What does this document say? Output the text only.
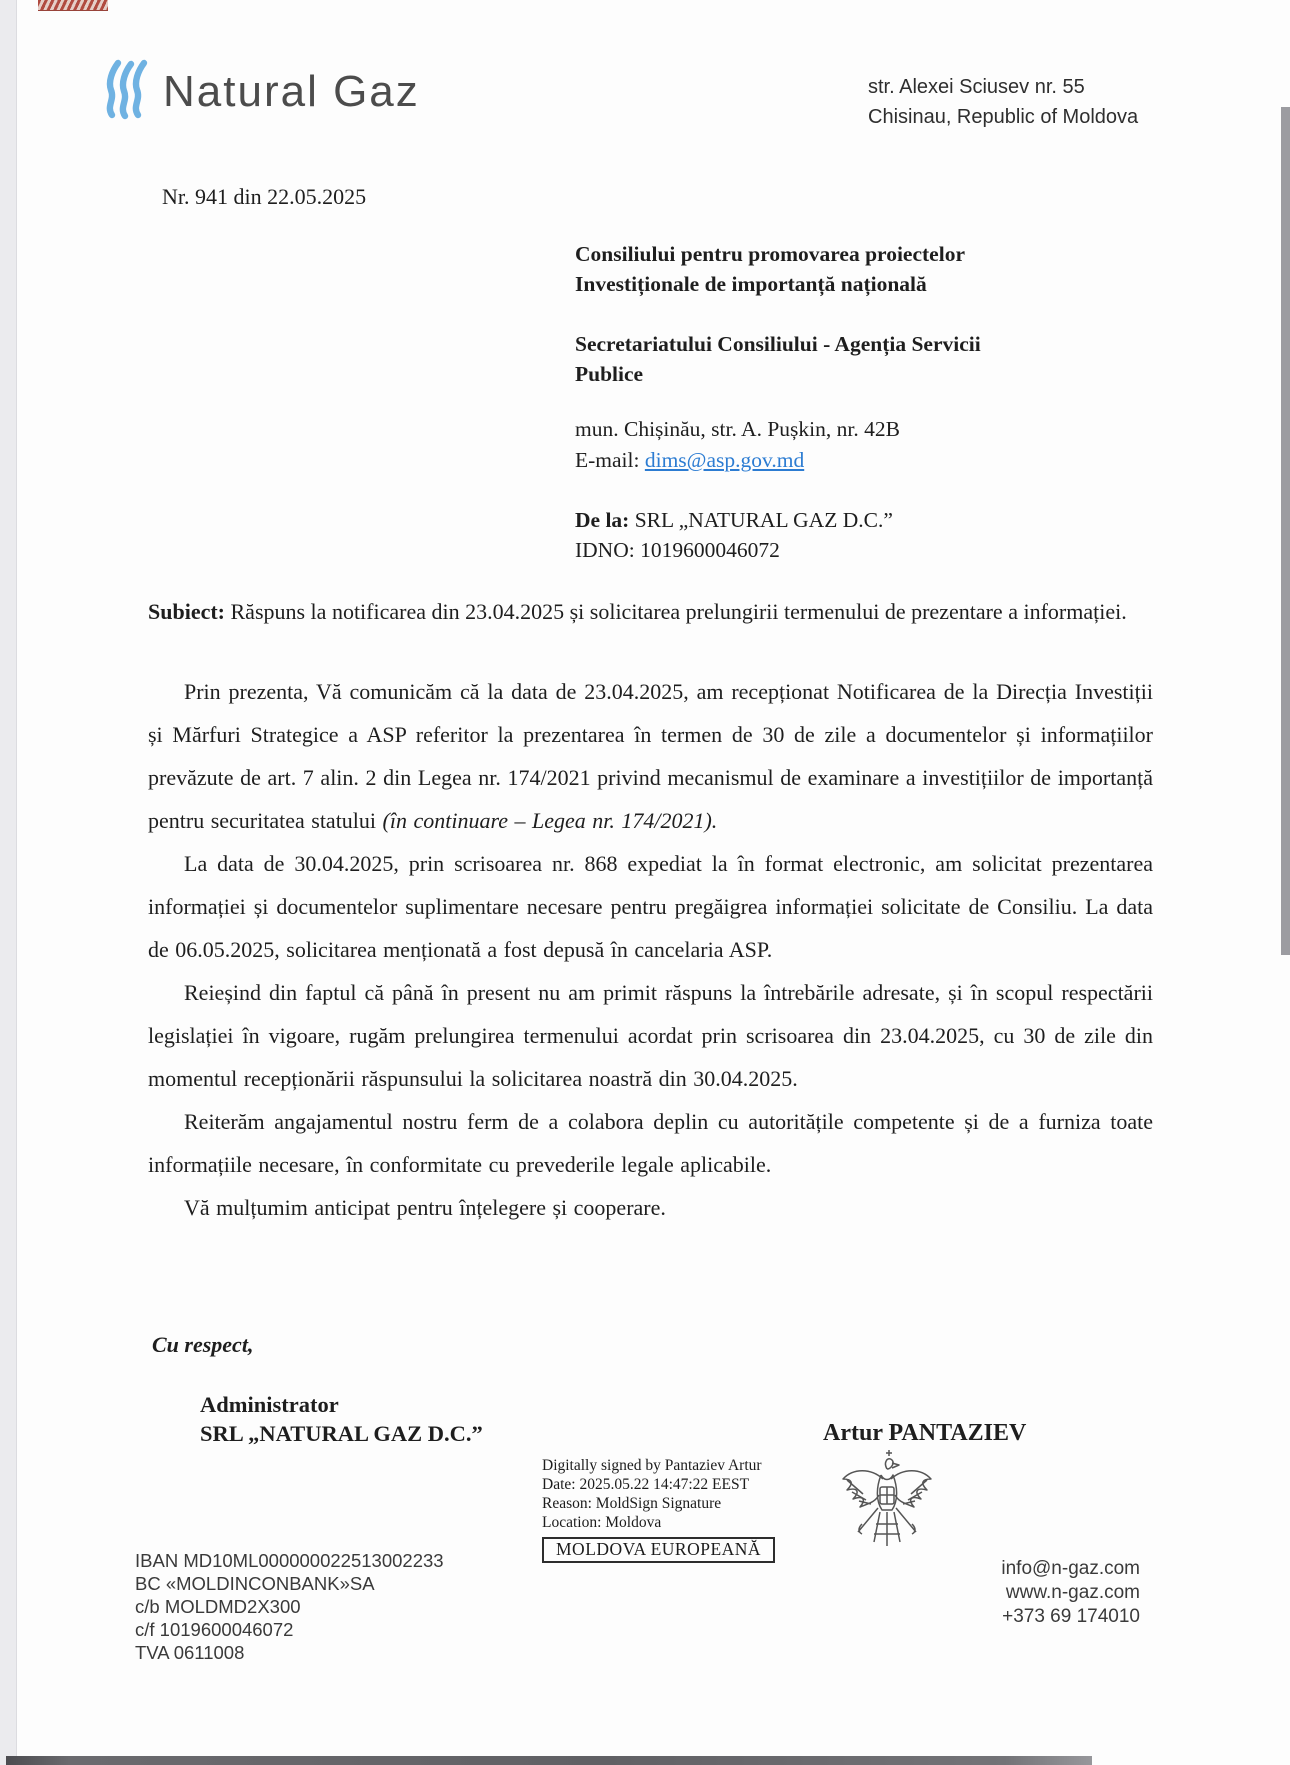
Natural Gaz	str. Alexei Sciusev nr. 55
Chisinau, Republic of Moldova
Nr. 941 din 22.05.2025
Consiliului pentru promovarea proiectelor
Investiționale de importanță națională
Secretariatului Consiliului - Agenția Servicii
Publice
mun. Chișinău, str. A. Pușkin, nr. 42B
E-mail: dims@asp.gov.md
De la: SRL „NATURAL GAZ D.C.”
IDNO: 1019600046072
Subiect: Răspuns la notificarea din 23.04.2025 și solicitarea prelungirii termenului de prezentare a informației.

Prin prezenta, Vă comunicăm că la data de 23.04.2025, am recepționat Notificarea de la Direcția Investiții și Mărfuri Strategice a ASP referitor la prezentarea în termen de 30 de zile a documentelor și informațiilor prevăzute de art. 7 alin. 2 din Legea nr. 174/2021 privind mecanismul de examinare a investițiilor de importanță pentru securitatea statului (în continuare – Legea nr. 174/2021).

La data de 30.04.2025, prin scrisoarea nr. 868 expediat la în format electronic, am solicitat prezentarea informației și documentelor suplimentare necesare pentru pregăigrea informației solicitate de Consiliu. La data de 06.05.2025, solicitarea menționată a fost depusă în cancelaria ASP.

Reieșind din faptul că până în present nu am primit răspuns la întrebările adresate, și în scopul respectării legislației în vigoare, rugăm prelungirea termenului acordat prin scrisoarea din 23.04.2025, cu 30 de zile din momentul recepționării răspunsului la solicitarea noastră din 30.04.2025.

Reiterăm angajamentul nostru ferm de a colabora deplin cu autoritățile competente și de a furniza toate informațiile necesare, în conformitate cu prevederile legale aplicabile.

Vă mulțumim anticipat pentru înțelegere și cooperare.

Cu respect,
Administrator
SRL „NATURAL GAZ D.C.”	Artur PANTAZIEV
Digitally signed by Pantaziev Artur
Date: 2025.05.22 14:47:22 EEST
Reason: MoldSign Signature
Location: Moldova
MOLDOVA EUROPEANĂ
IBAN MD10ML000000022513002233
BC «MOLDINCONBANK»SA
c/b MOLDMD2X300
c/f 1019600046072
TVA 0611008
info@n-gaz.com
www.n-gaz.com
+373 69 174010
